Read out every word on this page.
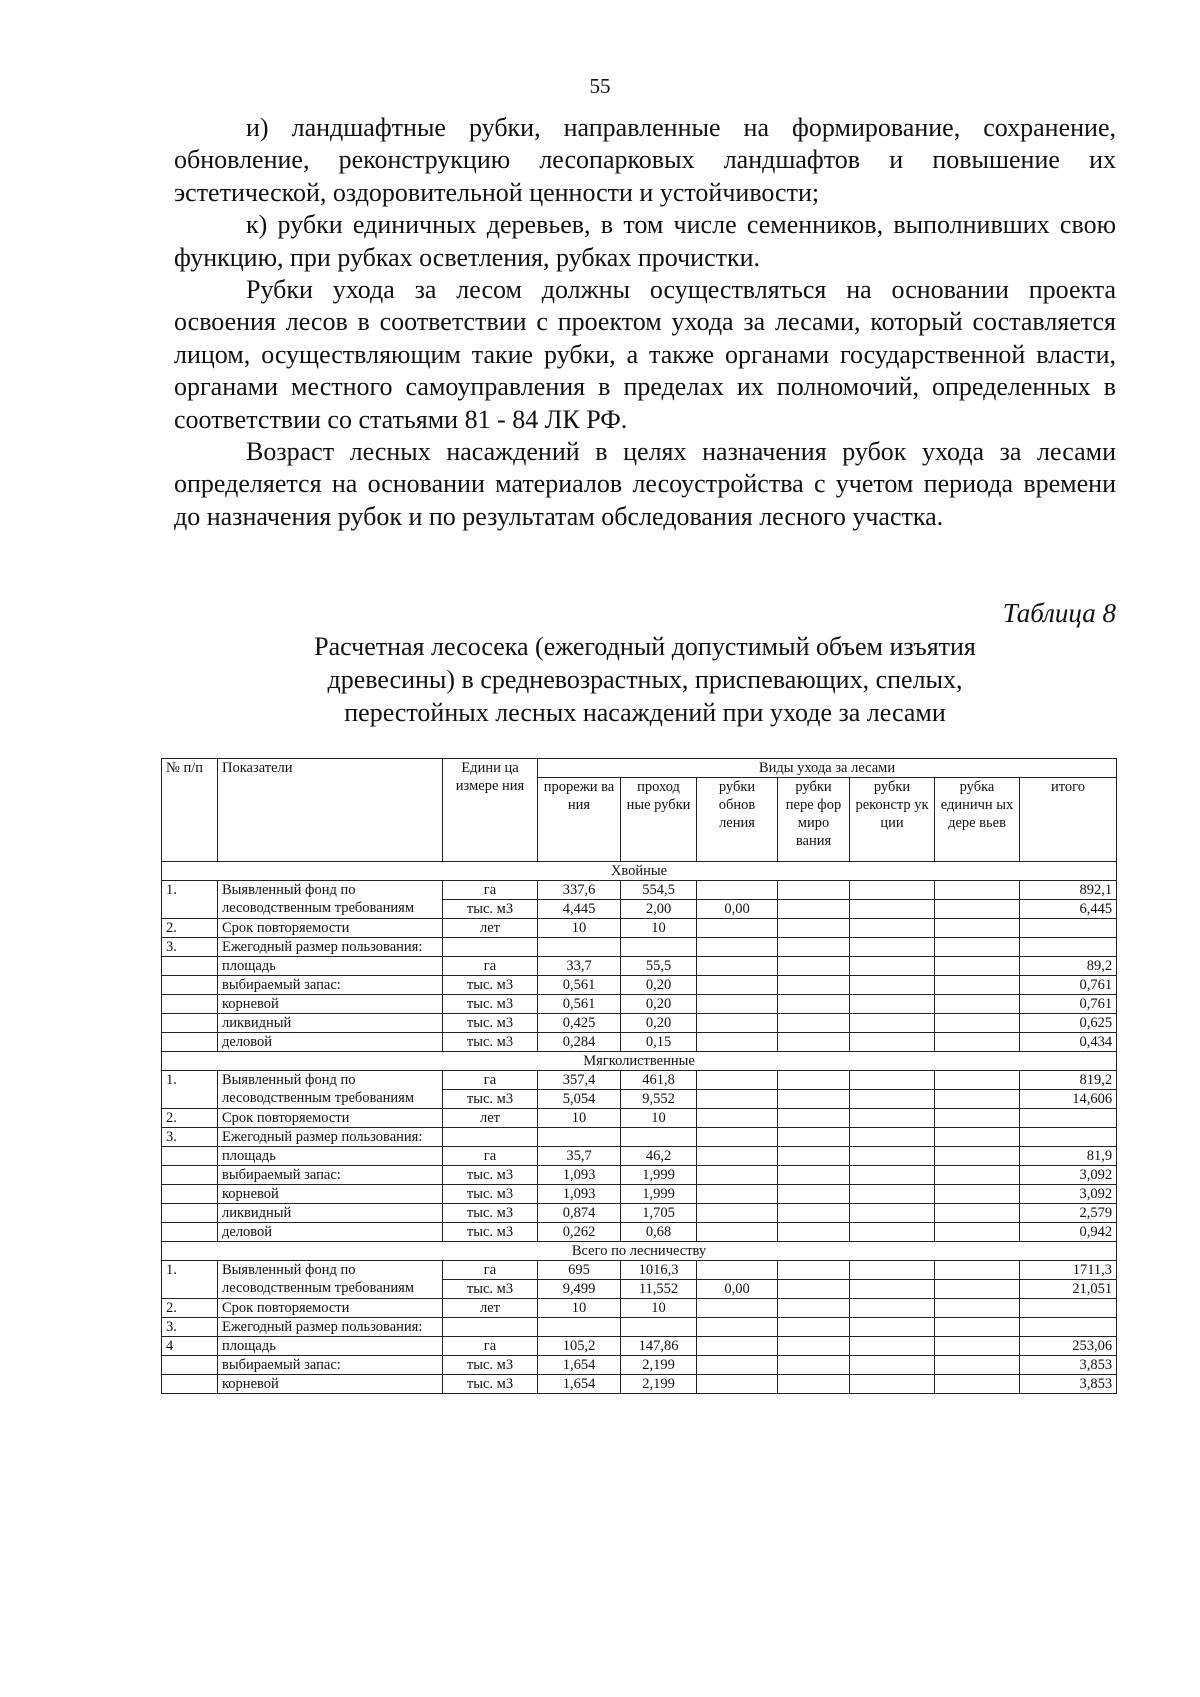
55

и) ландшафтные рубки, направленные на формирование, сохранение, обновление, реконструкцию лесопарковых ландшафтов и повышение их эстетической, оздоровительной ценности и устойчивости;

к) рубки единичных деревьев, в том числе семенников, выполнивших свою функцию, при рубках осветления, рубках прочистки.

Рубки ухода за лесом должны осуществляться на основании проекта освоения лесов в соответствии с проектом ухода за лесами, который составляется лицом, осуществляющим такие рубки, а также органами государственной власти, органами местного самоуправления в пределах их полномочий, определенных в соответствии со статьями 81 - 84 ЛК РФ.

Возраст лесных насаждений в целях назначения рубок ухода за лесами определяется на основании материалов лесоустройства с учетом периода времени до назначения рубок и по результатам обследования лесного участка.

Таблица 8
Расчетная лесосека (ежегодный допустимый объем изъятия
древесины) в средневозрастных, приспевающих, спелых,
перестойных лесных насаждений при уходе за лесами
№ п/п	Показатели	Едини ца измере ния	Виды ухода за лесами						
			прорежи ва ния	проход ные рубки	рубки обнов ления	рубки пере фор миро вания	рубки реконстр ук ции	рубка единичн ых дере вьев	итого
Хвойные									
1.	Выявленный фонд по лесоводственным требованиям	га	337,6	554,5					892,1
		тыс. м3	4,445	2,00	0,00				6,445
2.	Срок повторяемости	лет	10	10					
3.	Ежегодный размер пользования:								
	площадь	га	33,7	55,5					89,2
	выбираемый запас:	тыс. м3	0,561	0,20					0,761
	корневой	тыс. м3	0,561	0,20					0,761
	ликвидный	тыс. м3	0,425	0,20					0,625
	деловой	тыс. м3	0,284	0,15					0,434
Мягколиственные									
1.	Выявленный фонд по лесоводственным требованиям	га	357,4	461,8					819,2
		тыс. м3	5,054	9,552					14,606
2.	Срок повторяемости	лет	10	10					
3.	Ежегодный размер пользования:								
	площадь	га	35,7	46,2					81,9
	выбираемый запас:	тыс. м3	1,093	1,999					3,092
	корневой	тыс. м3	1,093	1,999					3,092
	ликвидный	тыс. м3	0,874	1,705					2,579
	деловой	тыс. м3	0,262	0,68					0,942
Всего по лесничеству									
1.	Выявленный фонд по лесоводственным требованиям	га	695	1016,3					1711,3
		тыс. м3	9,499	11,552	0,00				21,051
2.	Срок повторяемости	лет	10	10					
3.	Ежегодный размер пользования:								
4	площадь	га	105,2	147,86					253,06
	выбираемый запас:	тыс. м3	1,654	2,199					3,853
	корневой	тыс. м3	1,654	2,199					3,853
